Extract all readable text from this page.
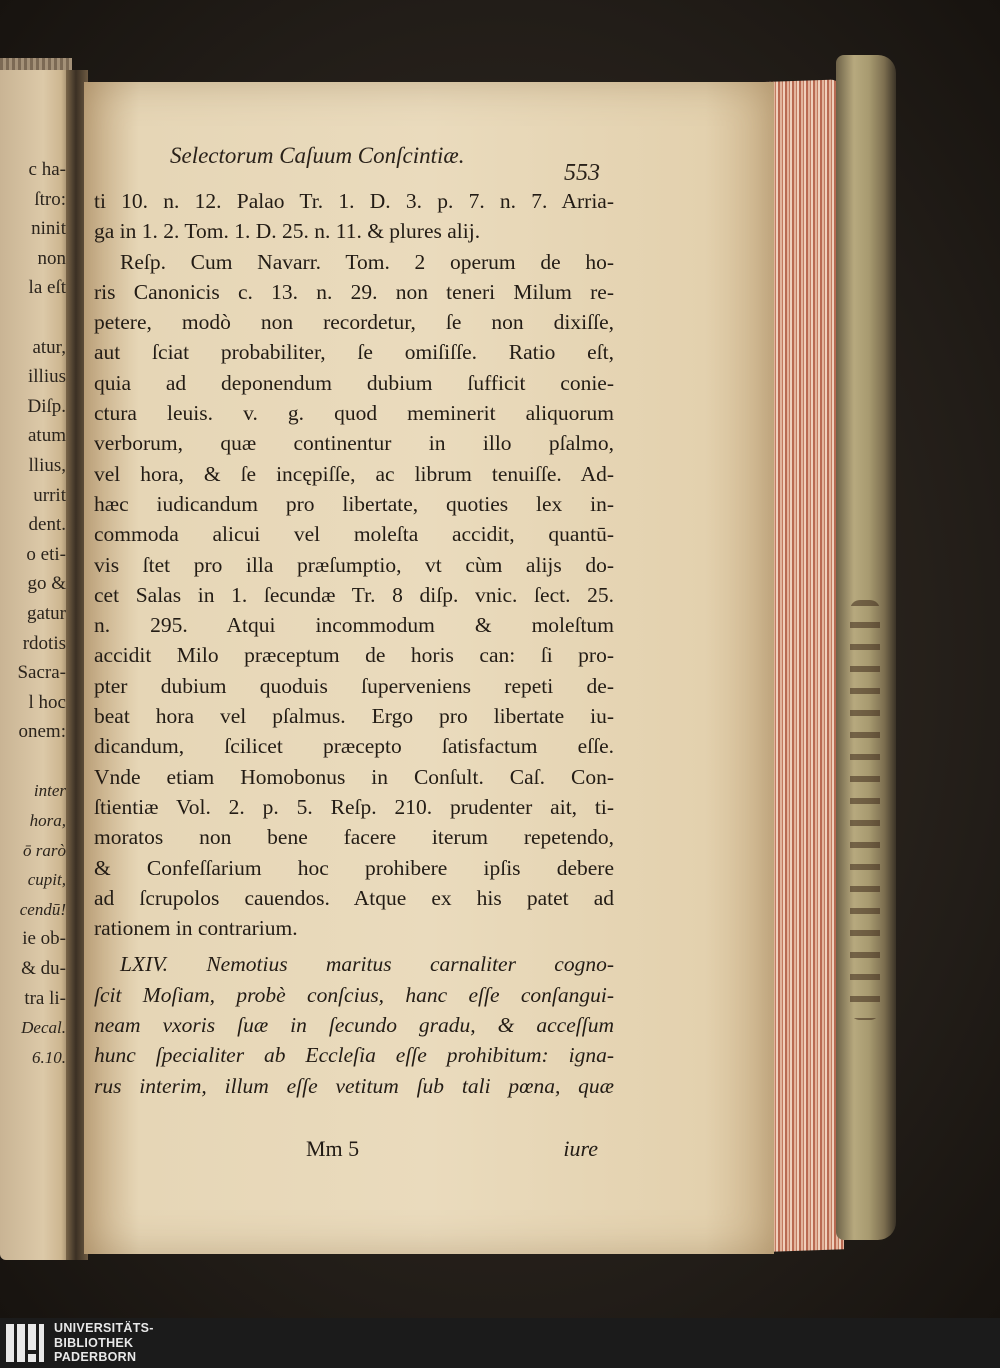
c ha-
ſtro:
ninit
non
la eſt
atur,
illius
Diſp.
atum
llius,
urrit
dent.
o eti-
go &
gatur
rdotis
Sacra-
l hoc
onem:
inter
hora,
ō rarò
cupit,
cendū!
ie ob-
& du-
tra li-
Decal.
6.10.
Selectorum Caſuum Conſcintiæ.
553
ti 10. n. 12. Palao Tr. 1. D. 3. p. 7. n. 7. Arria-
ga in 1. 2. Tom. 1. D. 25. n. 11. & plures alij.
Reſp. Cum Navarr. Tom. 2 operum de ho-
ris Canonicis c. 13. n. 29. non teneri Milum re-
petere, modò non recordetur, ſe non dixiſſe,
aut ſciat probabiliter, ſe omiſiſſe. Ratio eſt,
quia ad deponendum dubium ſufficit conie-
ctura leuis. v. g. quod meminerit aliquorum
verborum, quæ continentur in illo pſalmo,
vel hora, & ſe incępiſſe, ac librum tenuiſſe. Ad-
hæc iudicandum pro libertate, quoties lex in-
commoda alicui vel moleſta accidit, quantū-
vis ſtet pro illa præſumptio, vt cùm alijs do-
cet Salas in 1. ſecundæ Tr. 8 diſp. vnic. ſect. 25.
n. 295. Atqui incommodum & moleſtum
accidit Milo præceptum de horis can: ſi pro-
pter dubium quoduis ſuperveniens repeti de-
beat hora vel pſalmus. Ergo pro libertate iu-
dicandum, ſcilicet præcepto ſatisfactum eſſe.
Vnde etiam Homobonus in Conſult. Caſ. Con-
ſtientiæ Vol. 2. p. 5. Reſp. 210. prudenter ait, ti-
moratos non bene facere iterum repetendo,
& Confeſſarium hoc prohibere ipſis debere
ad ſcrupolos cauendos. Atque ex his patet ad
rationem in contrarium.
LXIV. Nemotius maritus carnaliter cogno-
ſcit Moſiam, probè conſcius, hanc eſſe conſangui-
neam vxoris ſuæ in ſecundo gradu, & acceſſum
hunc ſpecialiter ab Eccleſia eſſe prohibitum: igna-
rus interim, illum eſſe vetitum ſub tali pœna, quæ
Mm 5	iure
UNIVERSITÄTS-
BIBLIOTHEK
PADERBORN
